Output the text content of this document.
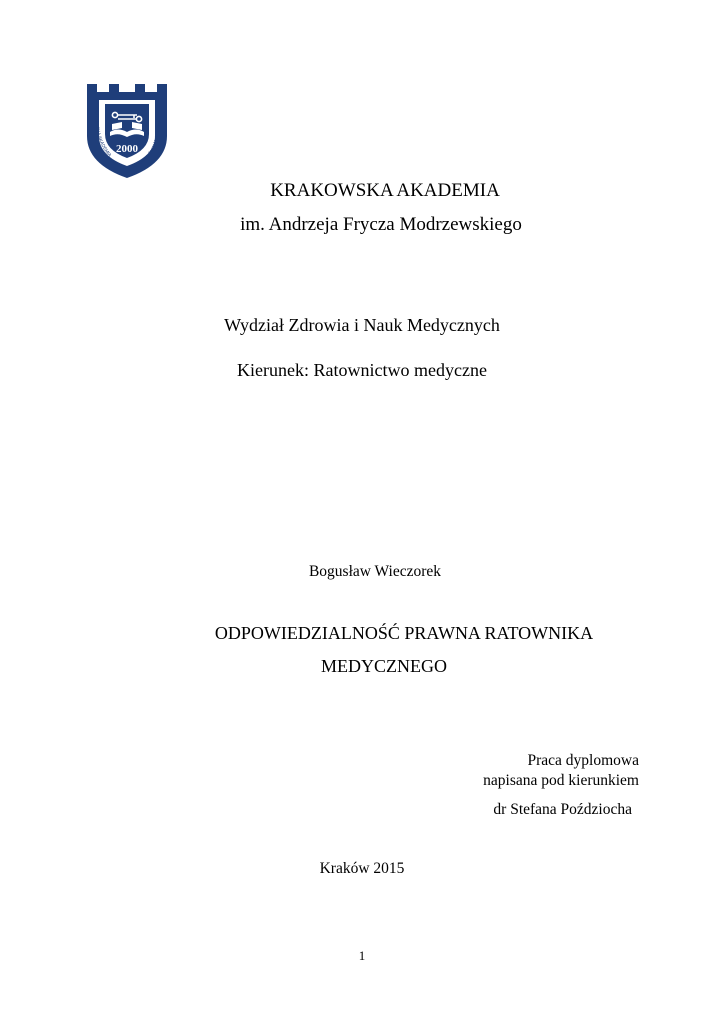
2000
KRAKOWSKA AKADEMIA
im. Andrzeja Frycza Modrzewskiego
KRAKOWSKA AKADEMIA
im. Andrzeja Frycza Modrzewskiego
Wydział Zdrowia i Nauk Medycznych
Kierunek: Ratownictwo medyczne
Bogusław Wieczorek
ODPOWIEDZIALNOŚĆ PRAWNA RATOWNIKA
MEDYCZNEGO
Praca dyplomowa
napisana pod kierunkiem
dr Stefana Poździocha
Kraków 2015
1
